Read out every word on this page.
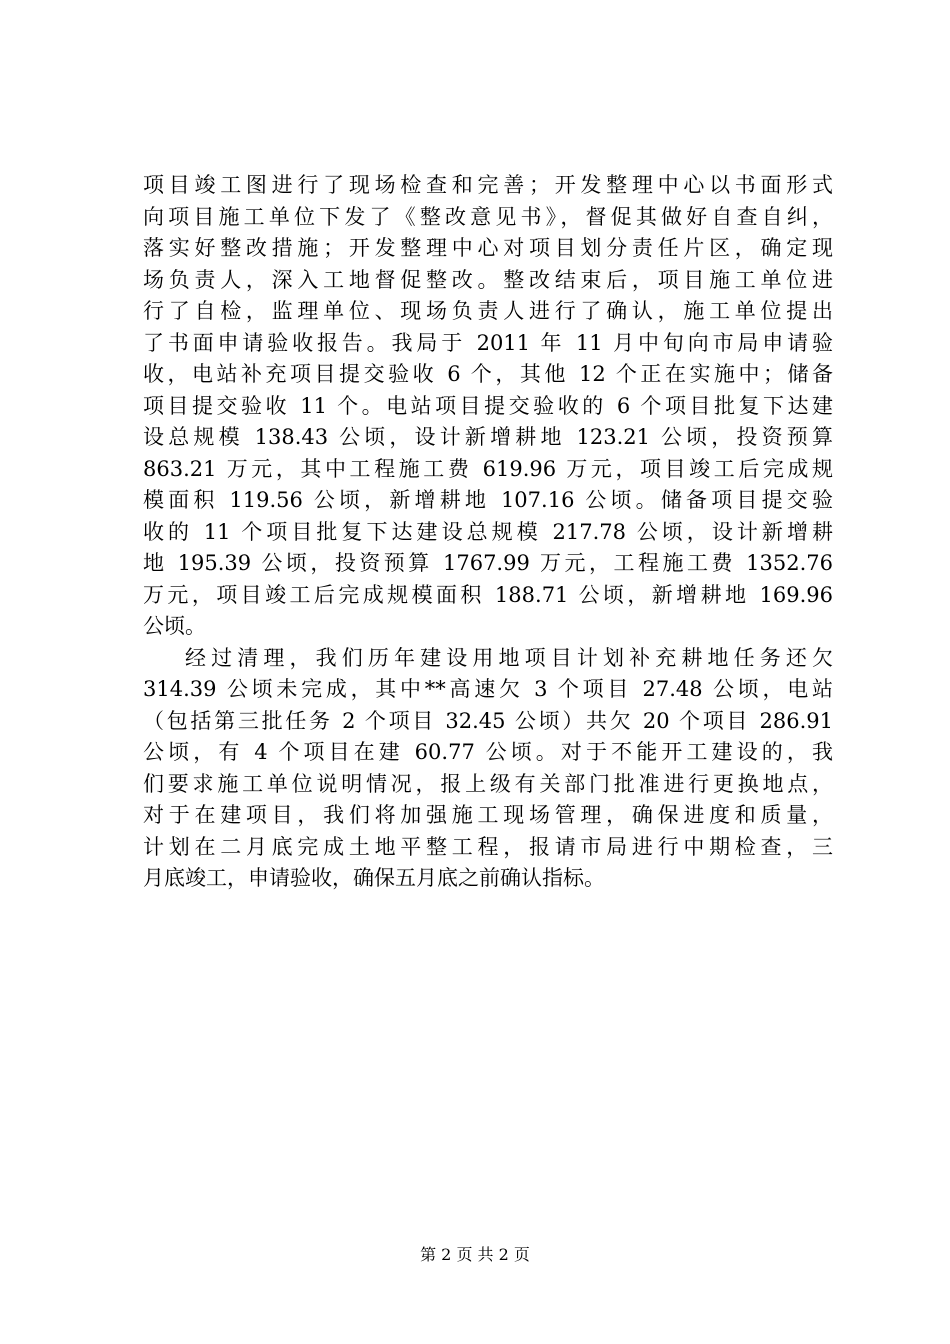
项目竣工图进行了现场检查和完善；开发整理中心以书面形式
向项目施工单位下发了《整改意见书》，督促其做好自查自纠，
落实好整改措施；开发整理中心对项目划分责任片区，确定现
场负责人，深入工地督促整改。整改结束后，项目施工单位进
行了自检，监理单位、现场负责人进行了确认，施工单位提出
了书面申请验收报告。我局于 2011 年 11 月中旬向市局申请验
收，电站补充项目提交验收 6 个，其他 12 个正在实施中；储备
项目提交验收 11 个。电站项目提交验收的 6 个项目批复下达建
设总规模 138.43 公顷，设计新增耕地 123.21 公顷，投资预算
863.21 万元，其中工程施工费 619.96 万元，项目竣工后完成规
模面积 119.56 公顷，新增耕地 107.16 公顷。储备项目提交验
收的 11 个项目批复下达建设总规模 217.78 公顷，设计新增耕
地 195.39 公顷，投资预算 1767.99 万元，工程施工费 1352.76
万元，项目竣工后完成规模面积 188.71 公顷，新增耕地 169.96
公顷。
经过清理，我们历年建设用地项目计划补充耕地任务还欠
314.39 公顷未完成，其中**高速欠 3 个项目 27.48 公顷，电站
（包括第三批任务 2 个项目 32.45 公顷）共欠 20 个项目 286.91
公顷，有 4 个项目在建 60.77 公顷。对于不能开工建设的，我
们要求施工单位说明情况，报上级有关部门批准进行更换地点，
对于在建项目，我们将加强施工现场管理，确保进度和质量，
计划在二月底完成土地平整工程，报请市局进行中期检查，三
月底竣工，申请验收，确保五月底之前确认指标。
第 2 页 共 2 页
